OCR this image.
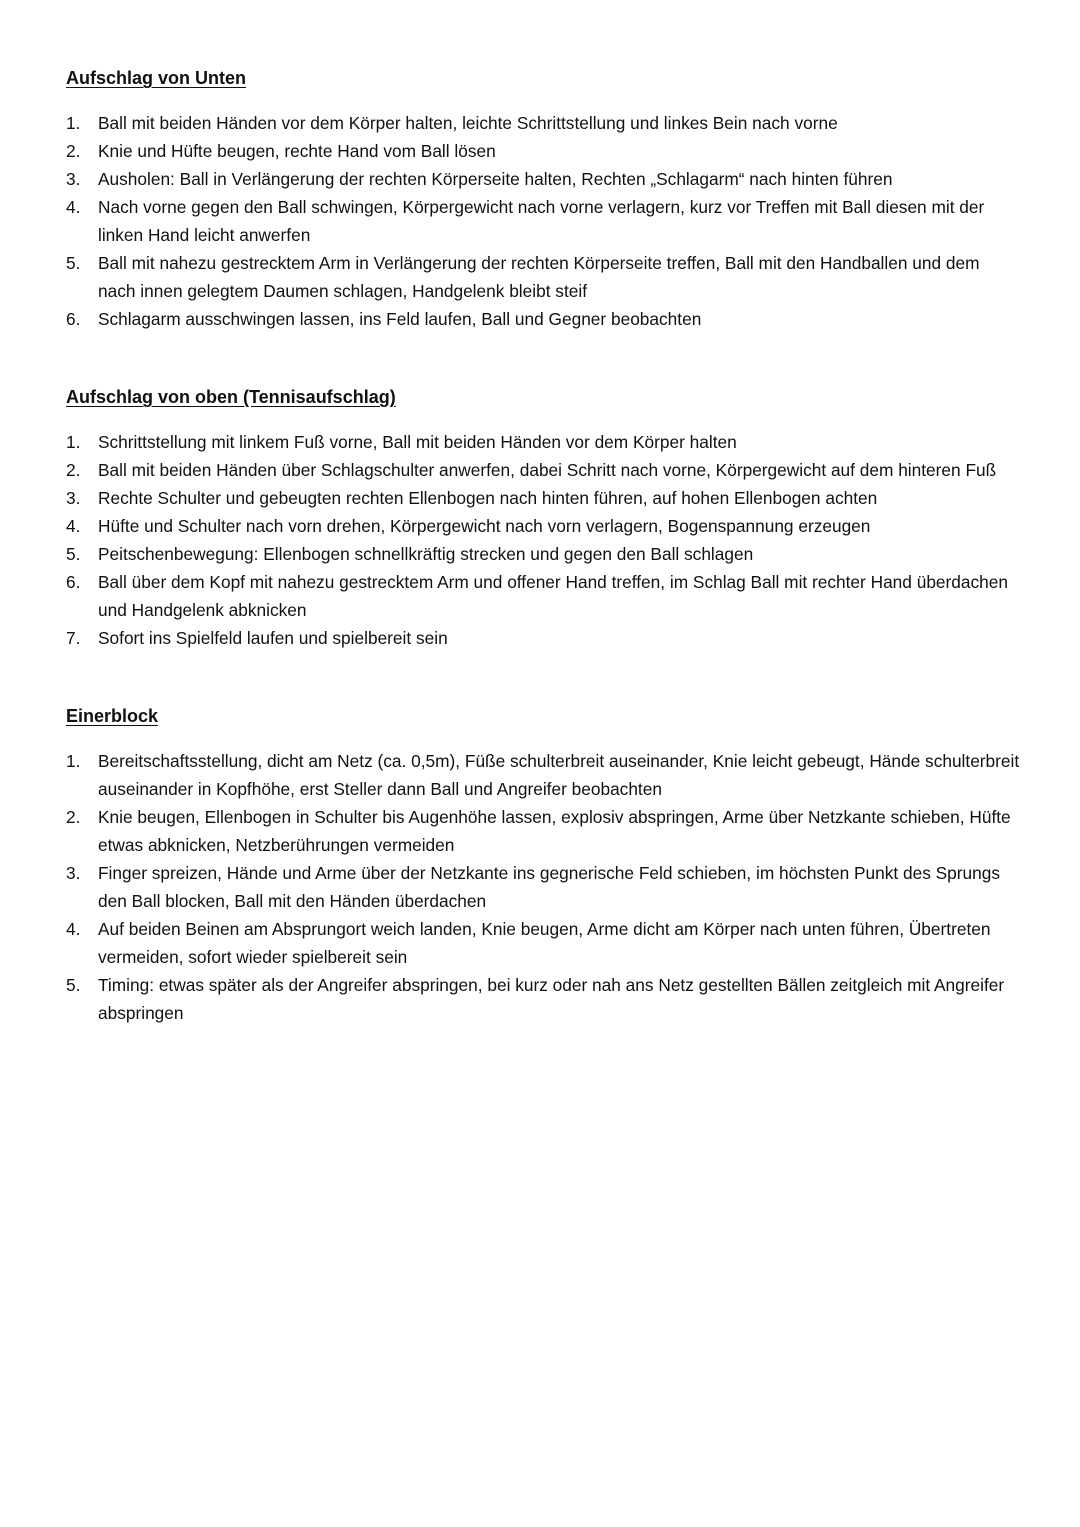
Aufschlag von Unten
1. Ball mit beiden Händen vor dem Körper halten, leichte Schrittstellung und linkes Bein nach vorne
2. Knie und Hüfte beugen, rechte Hand vom Ball lösen
3. Ausholen: Ball in Verlängerung der rechten Körperseite halten, Rechten „Schlagarm“ nach hinten führen
4. Nach vorne gegen den Ball schwingen, Körpergewicht nach vorne verlagern, kurz vor Treffen mit Ball diesen mit der linken Hand leicht anwerfen
5. Ball mit nahezu gestrecktem Arm in Verlängerung der rechten Körperseite treffen, Ball mit den Handballen und dem nach innen gelegtem Daumen schlagen, Handgelenk bleibt steif
6. Schlagarm ausschwingen lassen, ins Feld laufen, Ball und Gegner beobachten
Aufschlag von oben (Tennisaufschlag)
1. Schrittstellung mit linkem Fuß vorne, Ball mit beiden Händen vor dem Körper halten
2. Ball mit beiden Händen über Schlagschulter anwerfen, dabei Schritt nach vorne, Körpergewicht auf dem hinteren Fuß
3. Rechte Schulter und gebeugten rechten Ellenbogen nach hinten führen, auf hohen Ellenbogen achten
4. Hüfte und Schulter nach vorn drehen, Körpergewicht nach vorn verlagern, Bogenspannung erzeugen
5. Peitschenbewegung: Ellenbogen schnellkräftig strecken und gegen den Ball schlagen
6. Ball über dem Kopf mit nahezu gestrecktem Arm und offener Hand treffen, im Schlag Ball mit rechter Hand überdachen und Handgelenk abknicken
7. Sofort ins Spielfeld laufen und spielbereit sein
Einerblock
1. Bereitschaftsstellung, dicht am Netz (ca. 0,5m), Füße schulterbreit auseinander, Knie leicht gebeugt, Hände schulterbreit auseinander in Kopfhöhe, erst Steller dann Ball und Angreifer beobachten
2. Knie beugen, Ellenbogen in Schulter bis Augenhöhe lassen, explosiv abspringen, Arme über Netzkante schieben, Hüfte etwas abknicken, Netzberührungen vermeiden
3. Finger spreizen, Hände und Arme über der Netzkante ins gegnerische Feld schieben, im höchsten Punkt des Sprungs den Ball blocken, Ball mit den Händen überdachen
4. Auf beiden Beinen am Absprungort weich landen, Knie beugen, Arme dicht am Körper nach unten führen, Übertreten vermeiden, sofort wieder spielbereit sein
5. Timing: etwas später als der Angreifer abspringen, bei kurz oder nah ans Netz gestellten Bällen zeitgleich mit Angreifer abspringen
